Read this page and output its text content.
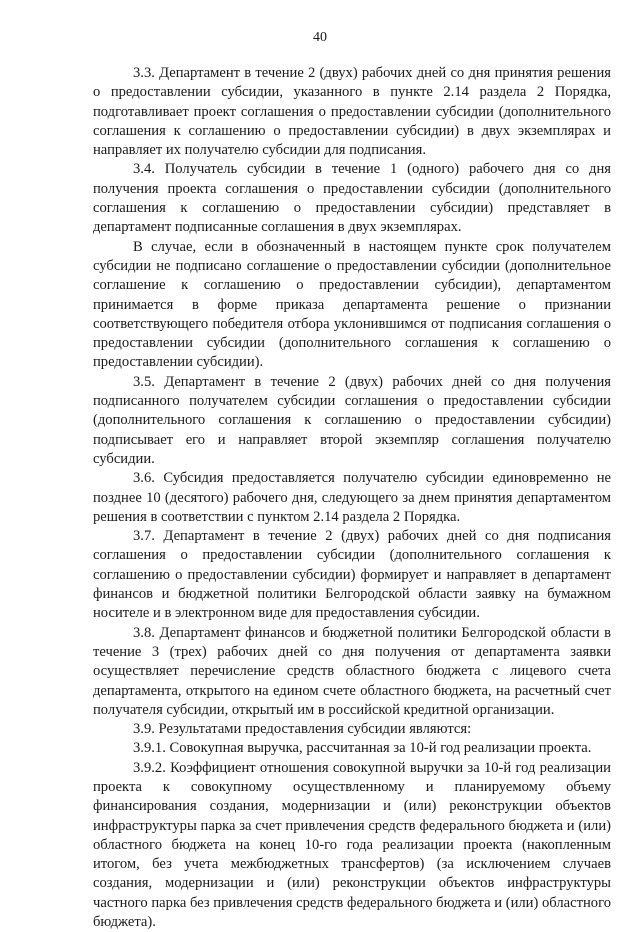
40

3.3. Департамент в течение 2 (двух) рабочих дней со дня принятия решения о предоставлении субсидии, указанного в пункте 2.14 раздела 2 Порядка, подготавливает проект соглашения о предоставлении субсидии (дополнительного соглашения к соглашению о предоставлении субсидии) в двух экземплярах и направляет их получателю субсидии для подписания.

3.4. Получатель субсидии в течение 1 (одного) рабочего дня со дня получения проекта соглашения о предоставлении субсидии (дополнительного соглашения к соглашению о предоставлении субсидии) представляет в департамент подписанные соглашения в двух экземплярах.

В случае, если в обозначенный в настоящем пункте срок получателем субсидии не подписано соглашение о предоставлении субсидии (дополнительное соглашение к соглашению о предоставлении субсидии), департаментом принимается в форме приказа департамента решение о признании соответствующего победителя отбора уклонившимся от подписания соглашения о предоставлении субсидии (дополнительного соглашения к соглашению о предоставлении субсидии).

3.5. Департамент в течение 2 (двух) рабочих дней со дня получения подписанного получателем субсидии соглашения о предоставлении субсидии (дополнительного соглашения к соглашению о предоставлении субсидии) подписывает его и направляет второй экземпляр соглашения получателю субсидии.

3.6. Субсидия предоставляется получателю субсидии единовременно не позднее 10 (десятого) рабочего дня, следующего за днем принятия департаментом решения в соответствии с пунктом 2.14 раздела 2 Порядка.

3.7. Департамент в течение 2 (двух) рабочих дней со дня подписания соглашения о предоставлении субсидии (дополнительного соглашения к соглашению о предоставлении субсидии) формирует и направляет в департамент финансов и бюджетной политики Белгородской области заявку на бумажном носителе и в электронном виде для предоставления субсидии.

3.8. Департамент финансов и бюджетной политики Белгородской области в течение 3 (трех) рабочих дней со дня получения от департамента заявки осуществляет перечисление средств областного бюджета с лицевого счета департамента, открытого на едином счете областного бюджета, на расчетный счет получателя субсидии, открытый им в российской кредитной организации.

3.9. Результатами предоставления субсидии являются:

3.9.1. Совокупная выручка, рассчитанная за 10-й год реализации проекта.

3.9.2. Коэффициент отношения совокупной выручки за 10-й год реализации проекта к совокупному осуществленному и планируемому объему финансирования создания, модернизации и (или) реконструкции объектов инфраструктуры парка за счет привлечения средств федерального бюджета и (или) областного бюджета на конец 10-го года реализации проекта (накопленным итогом, без учета межбюджетных трансфертов) (за исключением случаев создания, модернизации и (или) реконструкции объектов инфраструктуры частного парка без привлечения средств федерального бюджета и (или) областного бюджета).
